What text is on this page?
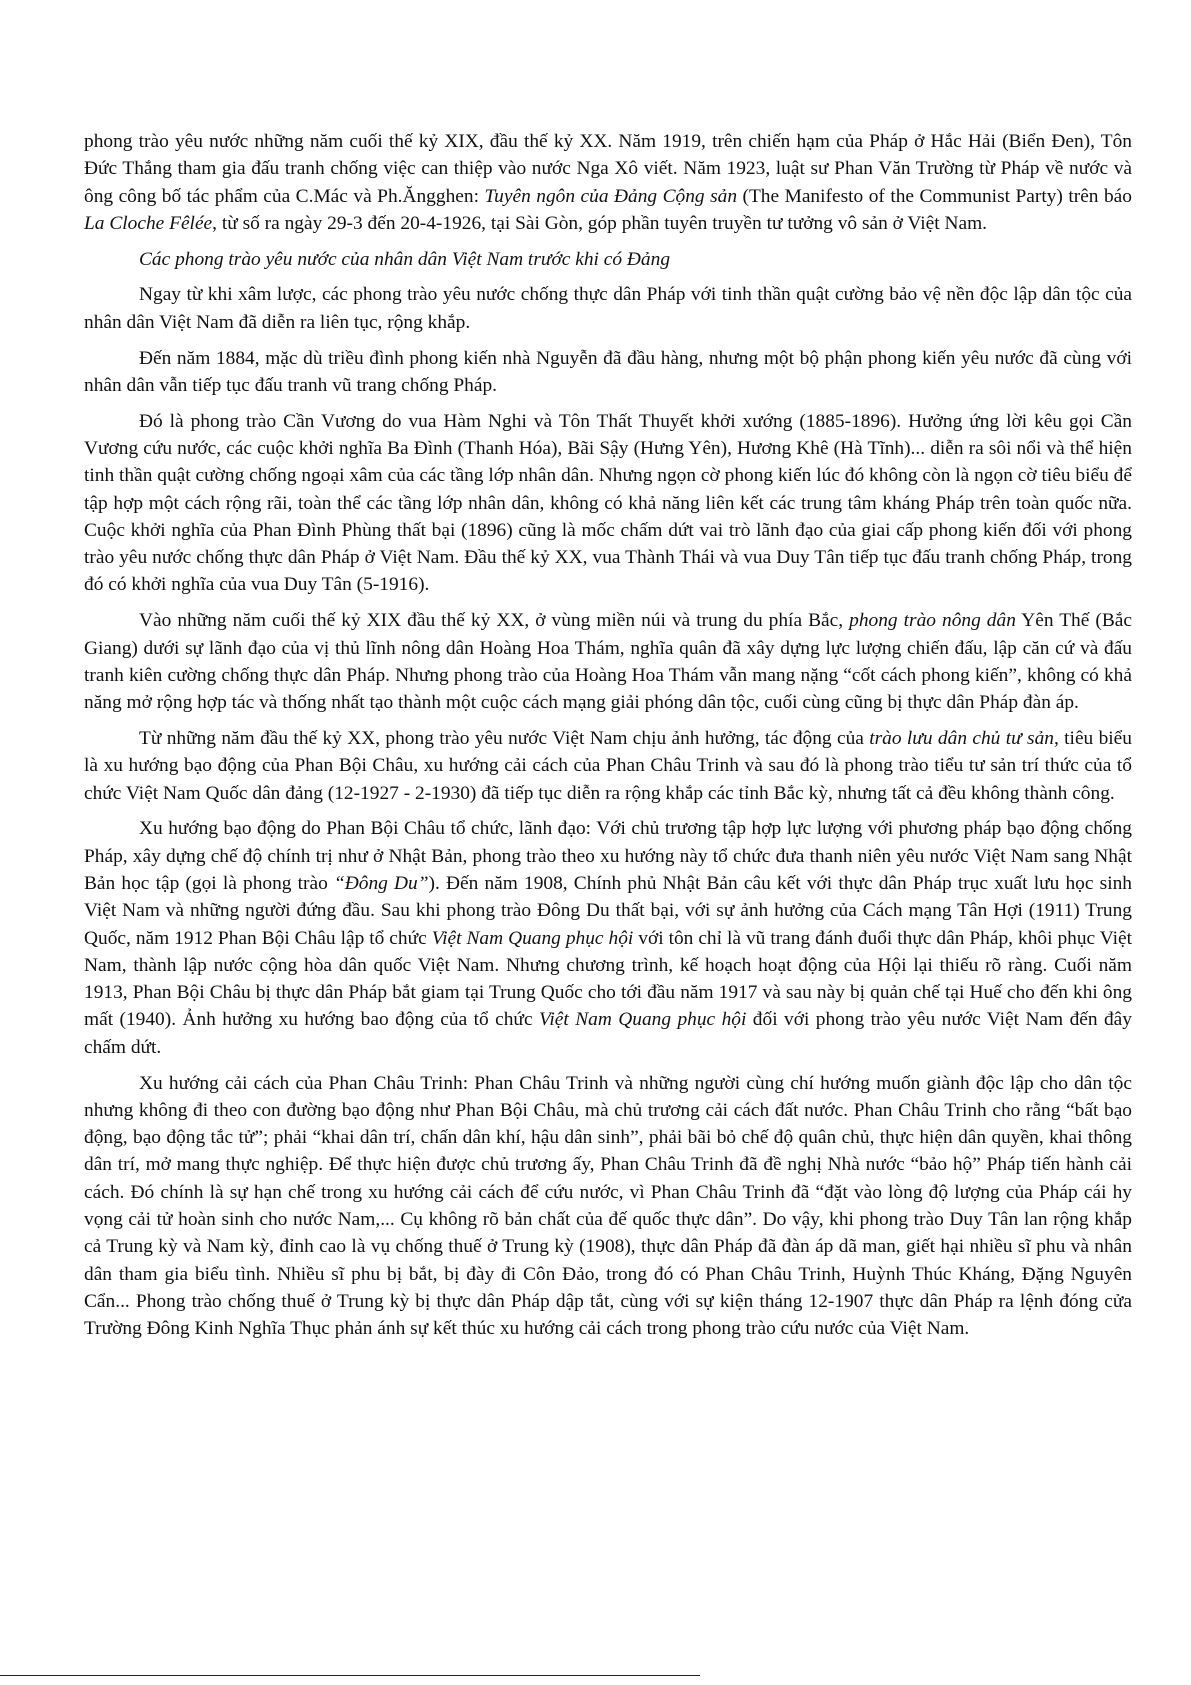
phong trào yêu nước những năm cuối thế kỷ XIX, đầu thế kỷ XX. Năm 1919, trên chiến hạm của Pháp ở Hắc Hải (Biển Đen), Tôn Đức Thắng tham gia đấu tranh chống việc can thiệp vào nước Nga Xô viết. Năm 1923, luật sư Phan Văn Trường từ Pháp về nước và ông công bố tác phẩm của C.Mác và Ph.Ăngghen: Tuyên ngôn của Đảng Cộng sản (The Manifesto of the Communist Party) trên báo La Cloche Fêlée, từ số ra ngày 29-3 đến 20-4-1926, tại Sài Gòn, góp phần tuyên truyền tư tưởng vô sản ở Việt Nam.

Các phong trào yêu nước của nhân dân Việt Nam trước khi có Đảng

Ngay từ khi xâm lược, các phong trào yêu nước chống thực dân Pháp với tinh thần quật cường bảo vệ nền độc lập dân tộc của nhân dân Việt Nam đã diễn ra liên tục, rộng khắp.

Đến năm 1884, mặc dù triều đình phong kiến nhà Nguyễn đã đầu hàng, nhưng một bộ phận phong kiến yêu nước đã cùng với nhân dân vẫn tiếp tục đấu tranh vũ trang chống Pháp.

Đó là phong trào Cần Vương do vua Hàm Nghi và Tôn Thất Thuyết khởi xướng (1885-1896). Hưởng ứng lời kêu gọi Cần Vương cứu nước, các cuộc khởi nghĩa Ba Đình (Thanh Hóa), Bãi Sậy (Hưng Yên), Hương Khê (Hà Tĩnh)... diễn ra sôi nổi và thể hiện tinh thần quật cường chống ngoại xâm của các tầng lớp nhân dân. Nhưng ngọn cờ phong kiến lúc đó không còn là ngọn cờ tiêu biểu để tập hợp một cách rộng rãi, toàn thể các tầng lớp nhân dân, không có khả năng liên kết các trung tâm kháng Pháp trên toàn quốc nữa. Cuộc khởi nghĩa của Phan Đình Phùng thất bại (1896) cũng là mốc chấm dứt vai trò lãnh đạo của giai cấp phong kiến đối với phong trào yêu nước chống thực dân Pháp ở Việt Nam. Đầu thế kỷ XX, vua Thành Thái và vua Duy Tân tiếp tục đấu tranh chống Pháp, trong đó có khởi nghĩa của vua Duy Tân (5-1916).

Vào những năm cuối thế kỷ XIX đầu thế kỷ XX, ở vùng miền núi và trung du phía Bắc, phong trào nông dân Yên Thế (Bắc Giang) dưới sự lãnh đạo của vị thủ lĩnh nông dân Hoàng Hoa Thám, nghĩa quân đã xây dựng lực lượng chiến đấu, lập căn cứ và đấu tranh kiên cường chống thực dân Pháp. Nhưng phong trào của Hoàng Hoa Thám vẫn mang nặng “cốt cách phong kiến”, không có khả năng mở rộng hợp tác và thống nhất tạo thành một cuộc cách mạng giải phóng dân tộc, cuối cùng cũng bị thực dân Pháp đàn áp.

Từ những năm đầu thế kỷ XX, phong trào yêu nước Việt Nam chịu ảnh hưởng, tác động của trào lưu dân chủ tư sản, tiêu biểu là xu hướng bạo động của Phan Bội Châu, xu hướng cải cách của Phan Châu Trinh và sau đó là phong trào tiểu tư sản trí thức của tổ chức Việt Nam Quốc dân đảng (12-1927 - 2-1930) đã tiếp tục diễn ra rộng khắp các tỉnh Bắc kỳ, nhưng tất cả đều không thành công.

Xu hướng bạo động do Phan Bội Châu tổ chức, lãnh đạo: Với chủ trương tập hợp lực lượng với phương pháp bạo động chống Pháp, xây dựng chế độ chính trị như ở Nhật Bản, phong trào theo xu hướng này tổ chức đưa thanh niên yêu nước Việt Nam sang Nhật Bản học tập (gọi là phong trào “Đông Du”). Đến năm 1908, Chính phủ Nhật Bản câu kết với thực dân Pháp trục xuất lưu học sinh Việt Nam và những người đứng đầu. Sau khi phong trào Đông Du thất bại, với sự ảnh hưởng của Cách mạng Tân Hợi (1911) Trung Quốc, năm 1912 Phan Bội Châu lập tổ chức Việt Nam Quang phục hội với tôn chỉ là vũ trang đánh đuổi thực dân Pháp, khôi phục Việt Nam, thành lập nước cộng hòa dân quốc Việt Nam. Nhưng chương trình, kế hoạch hoạt động của Hội lại thiếu rõ ràng. Cuối năm 1913, Phan Bội Châu bị thực dân Pháp bắt giam tại Trung Quốc cho tới đầu năm 1917 và sau này bị quản chế tại Huế cho đến khi ông mất (1940). Ảnh hưởng xu hướng bao động của tổ chức Việt Nam Quang phục hội đối với phong trào yêu nước Việt Nam đến đây chấm dứt.

Xu hướng cải cách của Phan Châu Trinh: Phan Châu Trinh và những người cùng chí hướng muốn giành độc lập cho dân tộc nhưng không đi theo con đường bạo động như Phan Bội Châu, mà chủ trương cải cách đất nước. Phan Châu Trinh cho rằng “bất bạo động, bạo động tắc tử”; phải “khai dân trí, chấn dân khí, hậu dân sinh”, phải bãi bỏ chế độ quân chủ, thực hiện dân quyền, khai thông dân trí, mở mang thực nghiệp. Để thực hiện được chủ trương ấy, Phan Châu Trinh đã đề nghị Nhà nước “bảo hộ” Pháp tiến hành cải cách. Đó chính là sự hạn chế trong xu hướng cải cách để cứu nước, vì Phan Châu Trinh đã “đặt vào lòng độ lượng của Pháp cái hy vọng cải tử hoàn sinh cho nước Nam,... Cụ không rõ bản chất của đế quốc thực dân”. Do vậy, khi phong trào Duy Tân lan rộng khắp cả Trung kỳ và Nam kỳ, đỉnh cao là vụ chống thuế ở Trung kỳ (1908), thực dân Pháp đã đàn áp dã man, giết hại nhiều sĩ phu và nhân dân tham gia biểu tình. Nhiều sĩ phu bị bắt, bị đày đi Côn Đảo, trong đó có Phan Châu Trinh, Huỳnh Thúc Kháng, Đặng Nguyên Cẩn... Phong trào chống thuế ở Trung kỳ bị thực dân Pháp dập tắt, cùng với sự kiện tháng 12-1907 thực dân Pháp ra lệnh đóng cửa Trường Đông Kinh Nghĩa Thục phản ánh sự kết thúc xu hướng cải cách trong phong trào cứu nước của Việt Nam.
